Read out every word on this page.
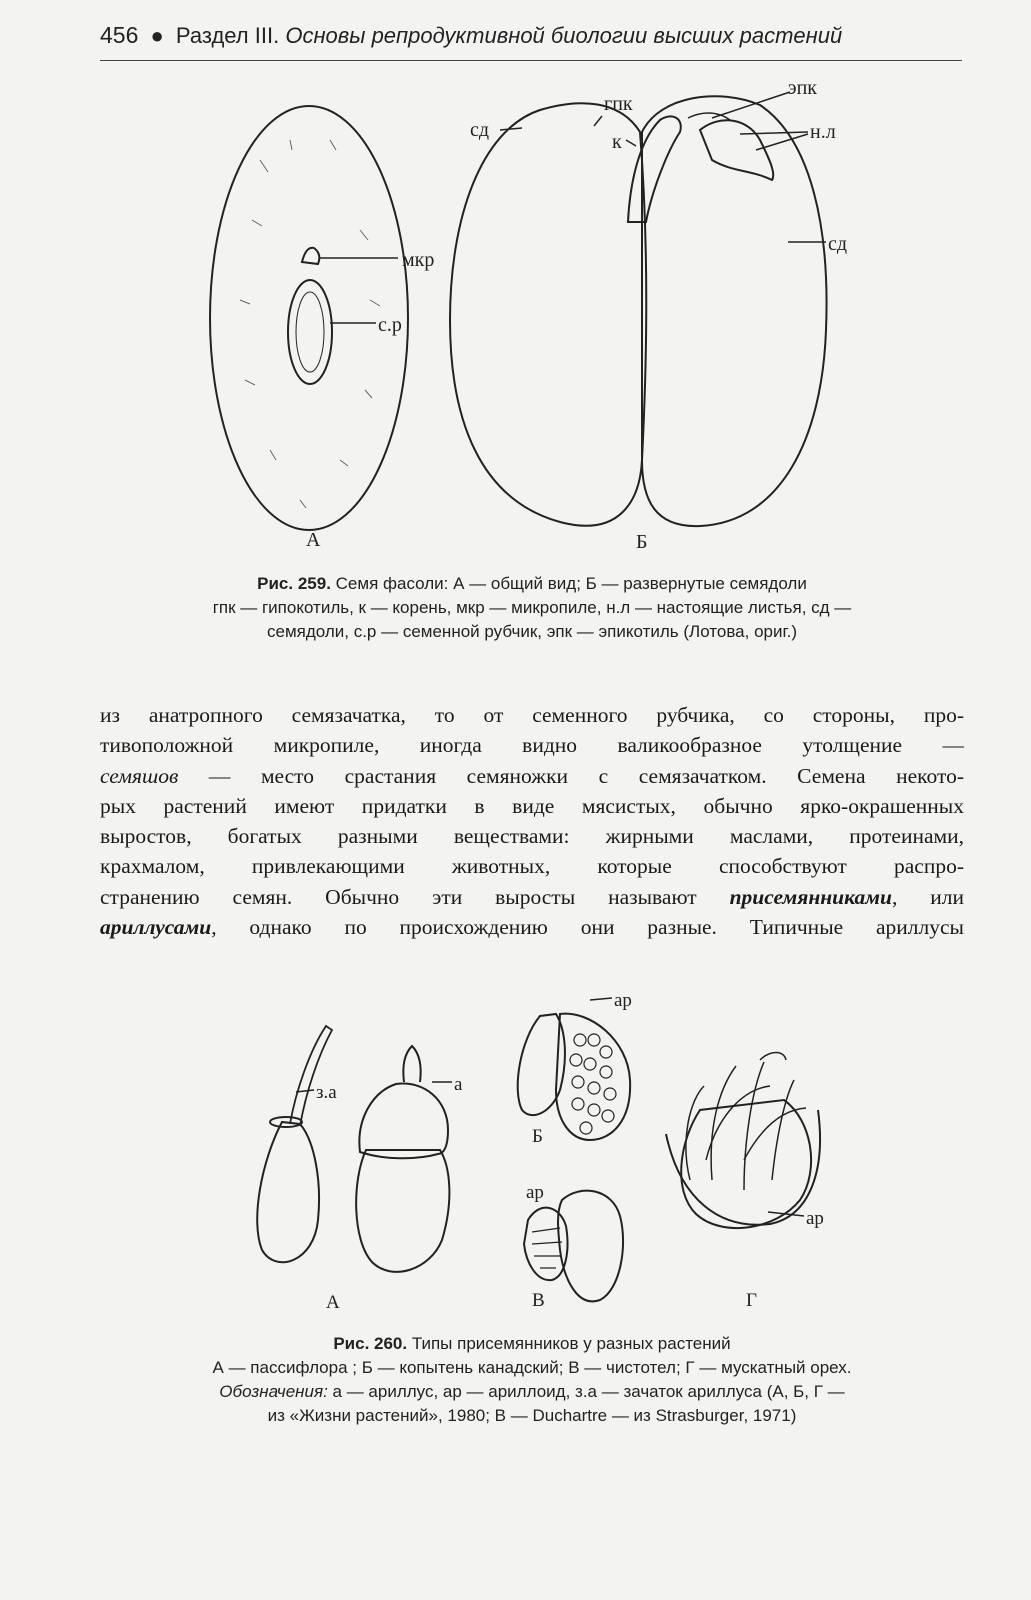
456 ● Раздел III. Основы репродуктивной биологии высших растений
мкр
с.р
сд
гпк
к
эпк
н.л
сд
А	Б
Рис. 259. Семя фасоли: А — общий вид; Б — развернутые семядоли
гпк — гипокотиль, к — корень, мкр — микропиле, н.л — настоящие листья, сд —
семядоли, с.р — семенной рубчик, эпк — эпикотиль (Лотова, ориг.)
из анатропного семязачатка, то от семенного рубчика, со стороны, про-
тивоположной микропиле, иногда видно валикообразное утолщение —
семяшов — место срастания семяножки с семязачатком. Семена некото-
рых растений имеют придатки в виде мясистых, обычно ярко-окрашенных
выростов, богатых разными веществами: жирными маслами, протеинами,
крахмалом, привлекающими животных, которые способствуют распро-
странению семян. Обычно эти выросты называют присемянниками, или
ариллусами, однако по происхождению они разные. Типичные ариллусы
з.а	а
ар
ар
ар
Б
А	В	Г
Рис. 260. Типы присемянников у разных растений
А — пассифлора ; Б — копытень канадский; В — чистотел; Г — мускатный орех.
Обозначения: а — ариллус, ар — ариллоид, з.а — зачаток ариллуса (А, Б, Г —
из «Жизни растений», 1980; В — Duchartre — из Strasburger, 1971)
